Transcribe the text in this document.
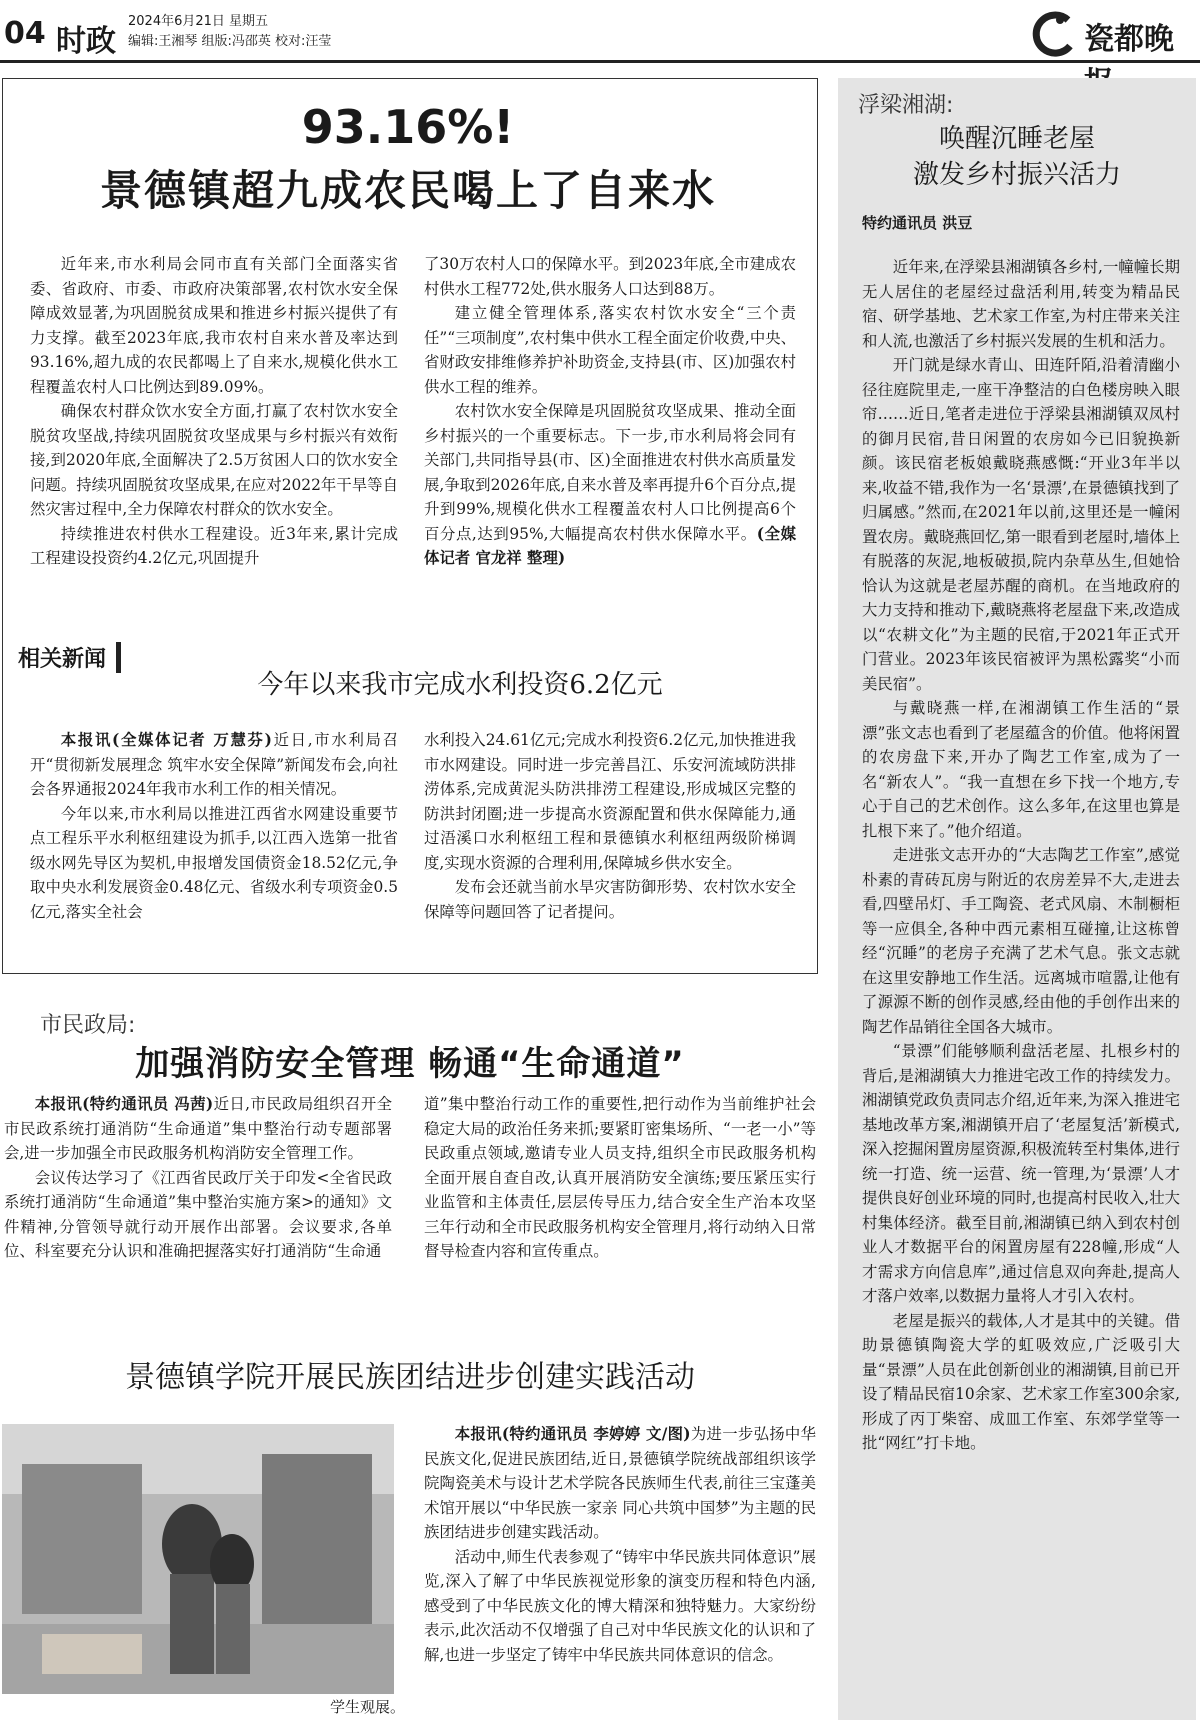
04 时政
2024年6月21日 星期五
编辑:王湘琴 组版:冯邵英 校对:汪莹	瓷都晚
93.16%!
景德镇超九成农民喝上了自来水

近年来,市水利局会同市直有关部门全面落实省委、省政府、市委、市政府决策部署,农村饮水安全保障成效显著,为巩固脱贫成果和推进乡村振兴提供了有力支撑。截至2023年底,我市农村自来水普及率达到93.16%,超九成的农民都喝上了自来水,规模化供水工程覆盖农村人口比例达到89.09%。

确保农村群众饮水安全方面,打赢了农村饮水安全脱贫攻坚战,持续巩固脱贫攻坚成果与乡村振兴有效衔接,到2020年底,全面解决了2.5万贫困人口的饮水安全问题。持续巩固脱贫攻坚成果,在应对2022年干旱等自然灾害过程中,全力保障农村群众的饮水安全。

持续推进农村供水工程建设。近3年来,累计完成工程建设投资约4.2亿元,巩固提升

了30万农村人口的保障水平。到2023年底,全市建成农村供水工程772处,供水服务人口达到88万。

建立健全管理体系,落实农村饮水安全“三个责任”“三项制度”,农村集中供水工程全面定价收费,中央、省财政安排维修养护补助资金,支持县(市、区)加强农村供水工程的维养。

农村饮水安全保障是巩固脱贫攻坚成果、推动全面乡村振兴的一个重要标志。下一步,市水利局将会同有关部门,共同指导县(市、区)全面推进农村供水高质量发展,争取到2026年底,自来水普及率再提升6个百分点,提升到99%,规模化供水工程覆盖农村人口比例提高6个百分点,达到95%,大幅提高农村供水保障水平。(全媒体记者 官龙祥 整理)

相关新闻
今年以来我市完成水利投资6.2亿元

本报讯(全媒体记者 万慧芬)近日,市水利局召开“贯彻新发展理念 筑牢水安全保障”新闻发布会,向社会各界通报2024年我市水利工作的相关情况。

今年以来,市水利局以推进江西省水网建设重要节点工程乐平水利枢纽建设为抓手,以江西入选第一批省级水网先导区为契机,申报增发国债资金18.52亿元,争取中央水利发展资金0.48亿元、省级水利专项资金0.5亿元,落实全社会

水利投入24.61亿元;完成水利投资6.2亿元,加快推进我市水网建设。同时进一步完善昌江、乐安河流域防洪排涝体系,完成黄泥头防洪排涝工程建设,形成城区完整的防洪封闭圈;进一步提高水资源配置和供水保障能力,通过浯溪口水利枢纽工程和景德镇水利枢纽两级阶梯调度,实现水资源的合理利用,保障城乡供水安全。

发布会还就当前水旱灾害防御形势、农村饮水安全保障等问题回答了记者提问。

市民政局:
加强消防安全管理 畅通“生命通道”

本报讯(特约通讯员 冯茜)近日,市民政局组织召开全市民政系统打通消防“生命通道”集中整治行动专题部署会,进一步加强全市民政服务机构消防安全管理工作。

会议传达学习了《江西省民政厅关于印发<全省民政系统打通消防“生命通道”集中整治实施方案>的通知》文件精神,分管领导就行动开展作出部署。会议要求,各单位、科室要充分认识和准确把握落实好打通消防“生命通

道”集中整治行动工作的重要性,把行动作为当前维护社会稳定大局的政治任务来抓;要紧盯密集场所、“一老一小”等民政重点领域,邀请专业人员支持,组织全市民政服务机构全面开展自查自改,认真开展消防安全演练;要压紧压实行业监管和主体责任,层层传导压力,结合安全生产治本攻坚三年行动和全市民政服务机构安全管理月,将行动纳入日常督导检查内容和宣传重点。

景德镇学院开展民族团结进步创建实践活动
学生观展。

本报讯(特约通讯员 李婷婷 文/图)为进一步弘扬中华民族文化,促进民族团结,近日,景德镇学院统战部组织该学院陶瓷美术与设计艺术学院各民族师生代表,前往三宝蓬美术馆开展以“中华民族一家亲 同心共筑中国梦”为主题的民族团结进步创建实践活动。

活动中,师生代表参观了“铸牢中华民族共同体意识”展览,深入了解了中华民族视觉形象的演变历程和特色内涵,感受到了中华民族文化的博大精深和独特魅力。大家纷纷表示,此次活动不仅增强了自己对中华民族文化的认识和了解,也进一步坚定了铸牢中华民族共同体意识的信念。

浮梁湘湖:
唤醒沉睡老屋
激发乡村振兴活力
特约通讯员 洪豆

近年来,在浮梁县湘湖镇各乡村,一幢幢长期无人居住的老屋经过盘活利用,转变为精品民宿、研学基地、艺术家工作室,为村庄带来关注和人流,也激活了乡村振兴发展的生机和活力。

开门就是绿水青山、田连阡陌,沿着清幽小径往庭院里走,一座干净整洁的白色楼房映入眼帘……近日,笔者走进位于浮梁县湘湖镇双凤村的御月民宿,昔日闲置的农房如今已旧貌换新颜。该民宿老板娘戴晓燕感慨:“开业3年半以来,收益不错,我作为一名‘景漂’,在景德镇找到了归属感。”然而,在2021年以前,这里还是一幢闲置农房。戴晓燕回忆,第一眼看到老屋时,墙体上有脱落的灰泥,地板破损,院内杂草丛生,但她恰恰认为这就是老屋苏醒的商机。在当地政府的大力支持和推动下,戴晓燕将老屋盘下来,改造成以“农耕文化”为主题的民宿,于2021年正式开门营业。2023年该民宿被评为黑松露奖“小而美民宿”。

与戴晓燕一样,在湘湖镇工作生活的“景漂”张文志也看到了老屋蕴含的价值。他将闲置的农房盘下来,开办了陶艺工作室,成为了一名“新农人”。“我一直想在乡下找一个地方,专心于自己的艺术创作。这么多年,在这里也算是扎根下来了。”他介绍道。

走进张文志开办的“大志陶艺工作室”,感觉朴素的青砖瓦房与附近的农房差异不大,走进去看,四壁吊灯、手工陶瓷、老式风扇、木制橱柜等一应俱全,各种中西元素相互碰撞,让这栋曾经“沉睡”的老房子充满了艺术气息。张文志就在这里安静地工作生活。远离城市喧嚣,让他有了源源不断的创作灵感,经由他的手创作出来的陶艺作品销往全国各大城市。

“景漂”们能够顺利盘活老屋、扎根乡村的背后,是湘湖镇大力推进宅改工作的持续发力。湘湖镇党政负责同志介绍,近年来,为深入推进宅基地改革方案,湘湖镇开启了‘老屋复活’新模式,深入挖掘闲置房屋资源,积极流转至村集体,进行统一打造、统一运营、统一管理,为‘景漂’人才提供良好创业环境的同时,也提高村民收入,壮大村集体经济。截至目前,湘湖镇已纳入到农村创业人才数据平台的闲置房屋有228幢,形成“人才需求方向信息库”,通过信息双向奔赴,提高人才落户效率,以数据力量将人才引入农村。

老屋是振兴的载体,人才是其中的关键。借助景德镇陶瓷大学的虹吸效应,广泛吸引大量“景漂”人员在此创新创业的湘湖镇,目前已开设了精品民宿10余家、艺术家工作室300余家,形成了丙丁柴窑、成皿工作室、东郊学堂等一批“网红”打卡地。
